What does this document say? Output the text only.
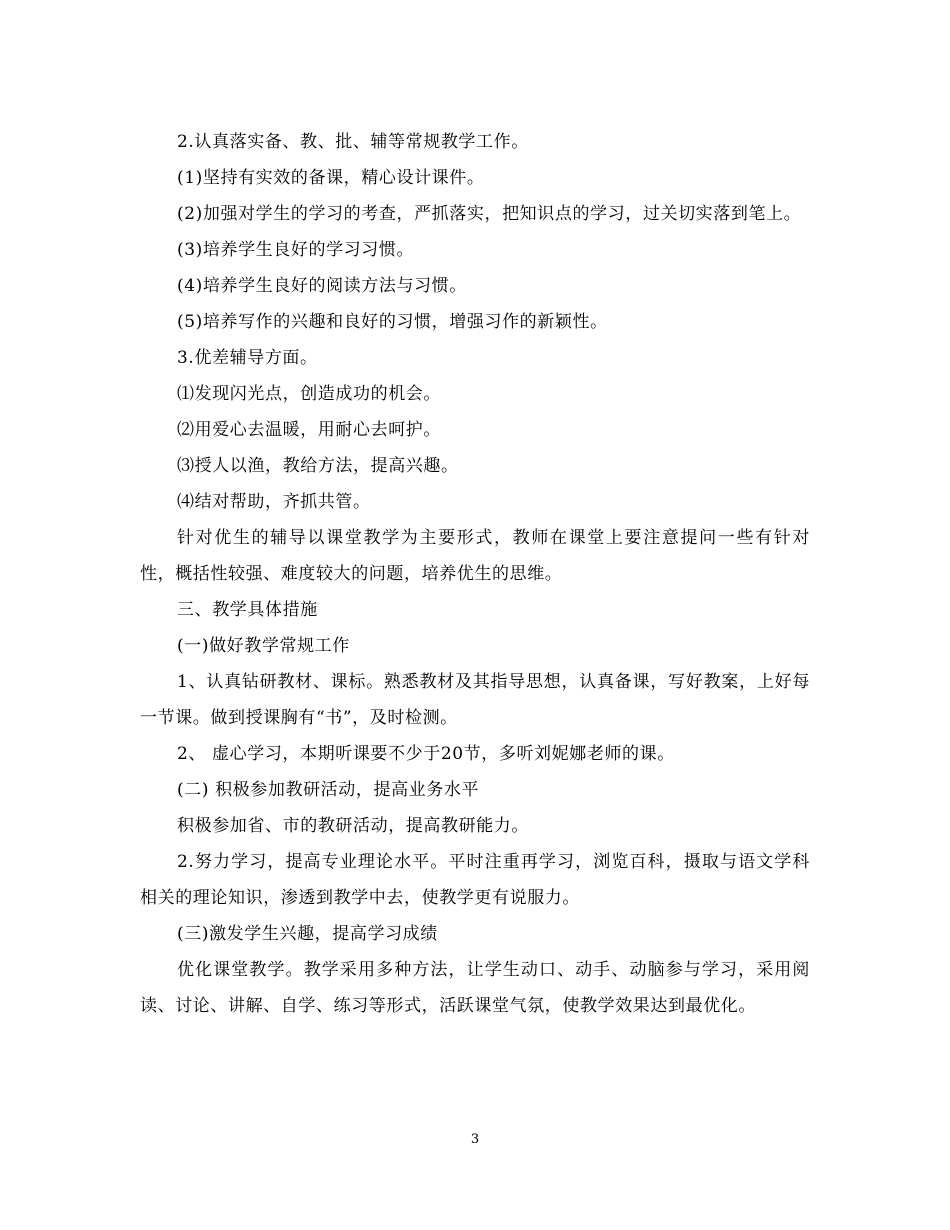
2.认真落实备、教、批、辅等常规教学工作。

(1)坚持有实效的备课，精心设计课件。

(2)加强对学生的学习的考查，严抓落实，把知识点的学习，过关切实落到笔上。

(3)培养学生良好的学习习惯。

(4)培养学生良好的阅读方法与习惯。

(5)培养写作的兴趣和良好的习惯，增强习作的新颖性。

3.优差辅导方面。

⑴发现闪光点，创造成功的机会。

⑵用爱心去温暖，用耐心去呵护。

⑶授人以渔，教给方法，提高兴趣。

⑷结对帮助，齐抓共管。

针对优生的辅导以课堂教学为主要形式，教师在课堂上要注意提问一些有针对性，概括性较强、难度较大的问题，培养优生的思维。

三、教学具体措施

(一)做好教学常规工作

1、认真钻研教材、课标。熟悉教材及其指导思想，认真备课，写好教案，上好每一节课。做到授课胸有“书”，及时检测。

2、 虚心学习，本期听课要不少于20节，多听刘妮娜老师的课。

(二) 积极参加教研活动，提高业务水平

积极参加省、市的教研活动，提高教研能力。

2.努力学习，提高专业理论水平。平时注重再学习，浏览百科，摄取与语文学科相关的理论知识，渗透到教学中去，使教学更有说服力。

(三)激发学生兴趣，提高学习成绩

优化课堂教学。教学采用多种方法，让学生动口、动手、动脑参与学习，采用阅读、讨论、讲解、自学、练习等形式，活跃课堂气氛，使教学效果达到最优化。

3
